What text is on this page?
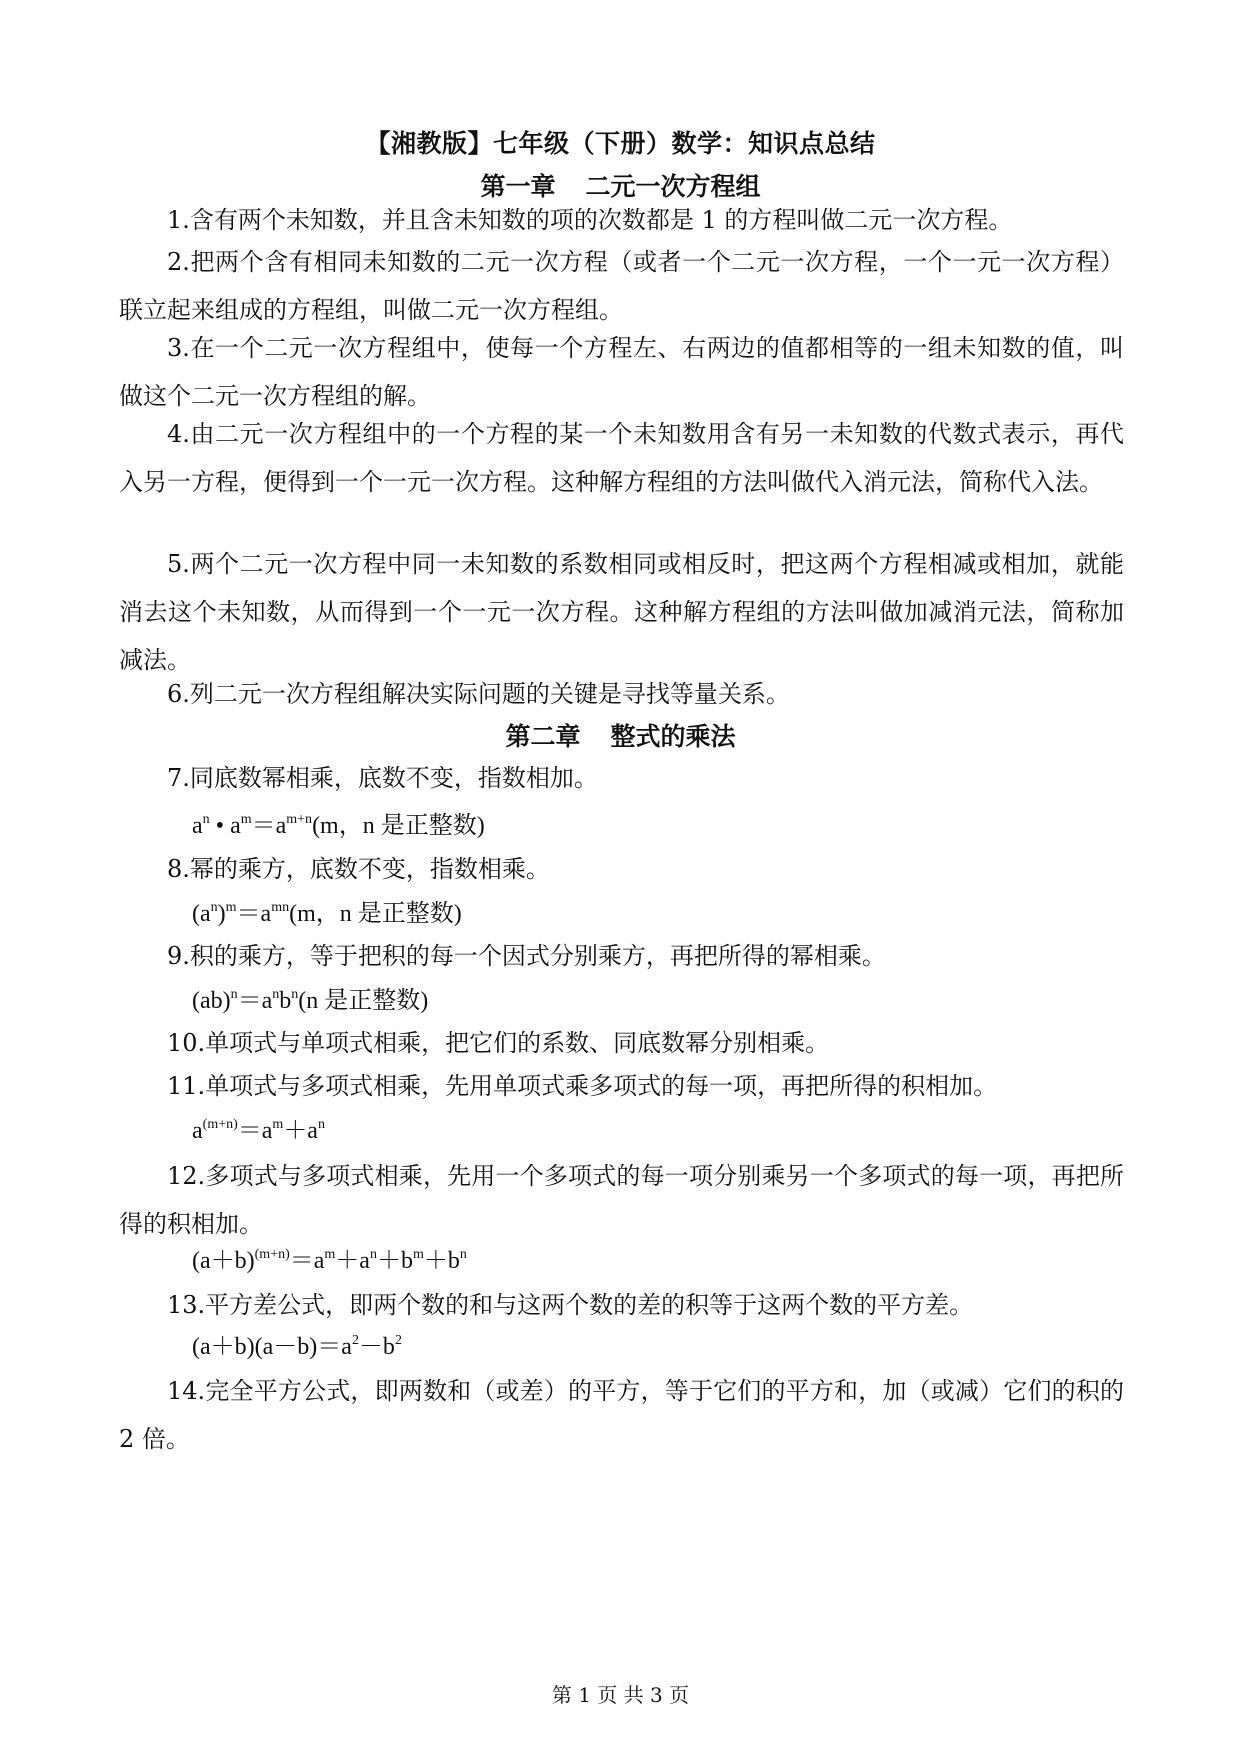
【湘教版】七年级（下册）数学：知识点总结
第一章 二元一次方程组

1.含有两个未知数，并且含未知数的项的次数都是 1 的方程叫做二元一次方程。

2.把两个含有相同未知数的二元一次方程（或者一个二元一次方程，一个一元一次方程）联立起来组成的方程组，叫做二元一次方程组。

3.在一个二元一次方程组中，使每一个方程左、右两边的值都相等的一组未知数的值，叫做这个二元一次方程组的解。

4.由二元一次方程组中的一个方程的某一个未知数用含有另一未知数的代数式表示，再代入另一方程，便得到一个一元一次方程。这种解方程组的方法叫做代入消元法，简称代入法。

5.两个二元一次方程中同一未知数的系数相同或相反时，把这两个方程相减或相加，就能消去这个未知数，从而得到一个一元一次方程。这种解方程组的方法叫做加减消元法，简称加减法。

6.列二元一次方程组解决实际问题的关键是寻找等量关系。

第二章 整式的乘法

7.同底数幂相乘，底数不变，指数相加。

$a^n$ • $a^m=a^{m+n}(m$，n 是正整数)

8.幂的乘方，底数不变，指数相乘。

$(a^n)^m=a^{mn}(m$，n 是正整数)

9.积的乘方，等于把积的每一个因式分别乘方，再把所得的幂相乘。

$(ab)^n=a^nb^n(n$ 是正整数)

10.单项式与单项式相乘，把它们的系数、同底数幂分别相乘。

11.单项式与多项式相乘，先用单项式乘多项式的每一项，再把所得的积相加。

$a^{(m+n)}=a^m+a^n$

12.多项式与多项式相乘，先用一个多项式的每一项分别乘另一个多项式的每一项，再把所得的积相加。

$(a+b)^{(m+n)}=a^m+a^n+b^m+b^n$

13.平方差公式，即两个数的和与这两个数的差的积等于这两个数的平方差。

$(a+b)(a-b)=a^2-b^2$

14.完全平方公式，即两数和（或差）的平方，等于它们的平方和，加（或减）它们的积的 2 倍。

第 1 页 共 3 页
